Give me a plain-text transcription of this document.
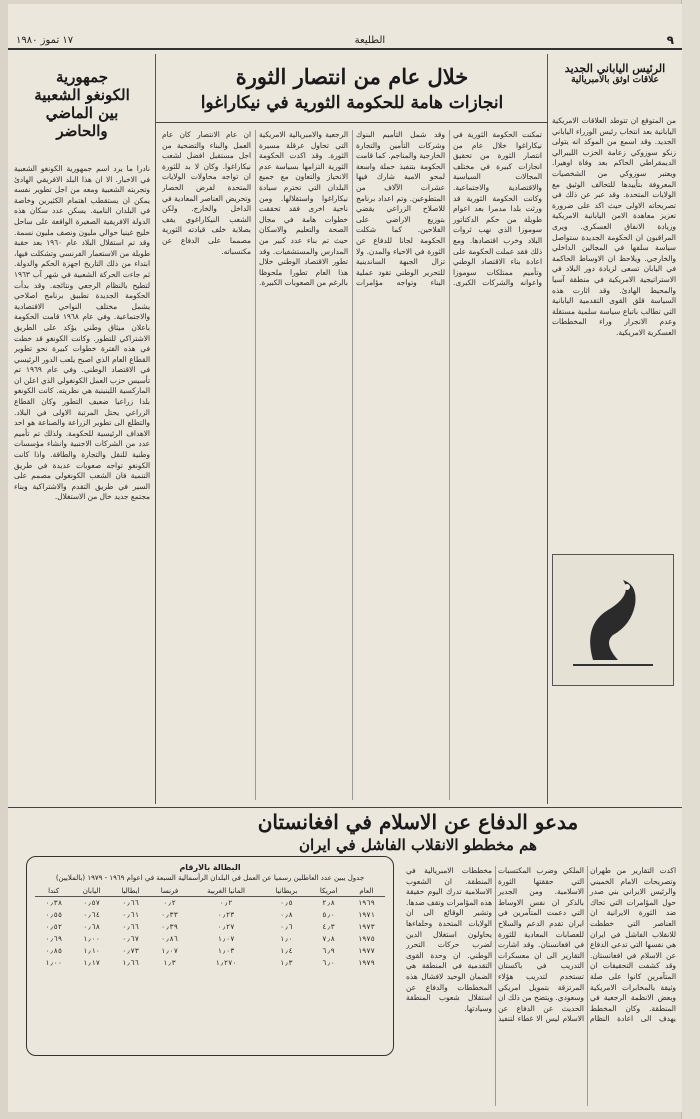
٩
الطليعة
١٧ تموز ١٩٨٠
الرئيس الياباني الجديد
علاقات اوثق بالامبريالية
من المتوقع ان تتوطد العلاقات الامريكية اليابانية بعد انتخاب رئيس الوزراء الياباني الجديد. وقد اسمع من الموكد انه يتولى زنكو سوزوكي زعامة الحزب الليبرالي الديمقراطي الحاكم بعد وفاة اوهيرا. ويعتبر سوزوكي من الشخصيات المعروفة بتأييدها للتحالف الوثيق مع الولايات المتحدة. وقد عبر عن ذلك في تصريحاته الاولى حيث اكد على ضرورة تعزيز معاهدة الامن اليابانية الامريكية وزيادة الانفاق العسكري. ويرى المراقبون ان الحكومة الجديدة ستواصل سياسة سلفها في المجالين الداخلي والخارجي. ويلاحظ ان الاوساط الحاكمة في اليابان تسعى لزيادة دور البلاد في الاستراتيجية الامريكية في منطقة آسيا والمحيط الهادئ. وقد اثارت هذه السياسة قلق القوى التقدمية اليابانية التي تطالب باتباع سياسة سلمية مستقلة وعدم الانجرار وراء المخططات العسكرية الامريكية.
خلال عام من انتصار الثورة
انجازات هامة للحكومة الثورية في نيكاراغوا
تمكنت الحكومة الثورية في نيكاراغوا خلال عام من انتصار الثورة من تحقيق انجازات كبيرة في مختلف المجالات السياسية والاقتصادية والاجتماعية. وكانت الحكومة الثورية قد ورثت بلدا مدمرا بعد اعوام طويلة من حكم الدكتاتور سوموزا الذي نهب ثروات البلاد وخرب اقتصادها. ومع ذلك فقد عملت الحكومة على اعادة بناء الاقتصاد الوطني وتأميم ممتلكات سوموزا واعوانه والشركات الكبرى. وقد شمل التأميم البنوك وشركات التأمين والتجارة الخارجية والمناجم. كما قامت الحكومة بتنفيذ حملة واسعة لمحو الامية شارك فيها عشرات الآلاف من المتطوعين. وتم اعداد برنامج للاصلاح الزراعي يقضي بتوزيع الاراضي على الفلاحين. كما شكلت الحكومة لجانا للدفاع عن الثورة في الاحياء والمدن. ولا تزال الجبهة الساندينية للتحرير الوطني تقود عملية البناء وتواجه مؤامرات الرجعية والامبريالية الامريكية التي تحاول عرقلة مسيرة الثورة. وقد اكدت الحكومة الثورية التزامها بسياسة عدم الانحياز والتعاون مع جميع البلدان التي تحترم سيادة نيكاراغوا واستقلالها. ومن ناحية اخرى فقد تحققت خطوات هامة في مجال الصحة والتعليم والاسكان حيث تم بناء عدد كبير من المدارس والمستشفيات. وقد تطور الاقتصاد الوطني خلال هذا العام تطورا ملحوظا بالرغم من الصعوبات الكبيرة. ان عام الانتصار كان عام العمل والبناء والتضحية من اجل مستقبل افضل لشعب نيكاراغوا. وكان لا بد للثورة ان تواجه محاولات الولايات المتحدة لفرض الحصار وتحريض العناصر المعادية في الداخل والخارج. ولكن الشعب النيكاراغوي يقف بصلابة خلف قيادته الثورية مصمما على الدفاع عن مكتسباته.
جمهورية
الكونغو الشعبية
بين الماضي
والحاضر
نادرا ما يرد اسم جمهورية الكونغو الشعبية في الاخبار. الا ان هذا البلد الافريقي الهادئ وتجربته الشعبية ومعه من اجل تطوير نفسه يمكن ان يستقطب اهتمام الكثيرين وخاصة في البلدان النامية. يسكن عدد سكان هذه الدولة الافريقية الصغيرة الواقعة على ساحل خليج غينيا حوالي مليون ونصف مليون نسمة. وقد تم استقلال البلاد عام ١٩٦٠ بعد حقبة طويلة من الاستعمار الفرنسي وتشكلت فيها، ابتداء من ذلك التاريخ اجهزة الحكم والدولة. ثم جاءت الحركة الشعبية في شهر آب ١٩٦٣ لتطيح بالنظام الرجعي ونتائجه. وقد بدأت الحكومة الجديدة تطبيق برنامج اصلاحي يشمل مختلف النواحي الاقتصادية والاجتماعية. وفي عام ١٩٦٨ قامت الحكومة باعلان ميثاق وطني يؤكد على الطريق الاشتراكي للتطور. وكانت الكونغو قد خطت في هذه الفترة خطوات كبيرة نحو تطوير القطاع العام الذي اصبح يلعب الدور الرئيسي في الاقتصاد الوطني. وفي عام ١٩٦٩ تم تأسيس حزب العمل الكونغولي الذي اعلن ان الماركسية اللينينية هي نظريته. كانت الكونغو بلدا زراعيا ضعيف التطور وكان القطاع الزراعي يحتل المرتبة الاولى في البلاد. والتطلع الى تطوير الزراعة والصناعة هو احد الاهداف الرئيسية للحكومة. ولذلك تم تأميم عدد من الشركات الاجنبية وانشاء مؤسسات وطنية للنقل والتجارة والطاقة. واذا كانت الكونغو تواجه صعوبات عديدة في طريق التنمية فان الشعب الكونغولي مصمم على السير في طريق التقدم والاشتراكية وبناء مجتمع جديد خال من الاستغلال.
مدعو الدفاع عن الاسلام في افغانستان
هم مخططو الانقلاب الفاشل في ايران
اكدت التقارير من طهران وتصريحات الامام الخميني والرئيس الايراني بني صدر حول المؤامرات التي تحاك ضد الثورة الايرانية ان العناصر التي خططت للانقلاب الفاشل في ايران هي نفسها التي تدعي الدفاع عن الاسلام في افغانستان. وقد كشفت التحقيقات ان المتآمرين كانوا على صلة وثيقة بالمخابرات الامريكية وبعض الانظمة الرجعية في المنطقة. وكان المخطط يهدف الى اعادة النظام الملكي وضرب المكتسبات التي حققتها الثورة الاسلامية. ومن الجدير بالذكر ان نفس الاوساط التي دعمت المتآمرين في ايران تقدم الدعم والسلاح للعصابات المعادية للثورة في افغانستان. وقد اشارت التقارير الى ان معسكرات التدريب في باكستان تستخدم لتدريب هؤلاء المرتزقة بتمويل امريكي وسعودي. ويتضح من ذلك ان الحديث عن الدفاع عن الاسلام ليس الا غطاء لتنفيذ مخططات الامبريالية في المنطقة. ان الشعوب الاسلامية تدرك اليوم حقيقة هذه المؤامرات وتقف ضدها. وتشير الوقائع الى ان الولايات المتحدة وحلفاءها يحاولون استغلال الدين لضرب حركات التحرر الوطني. ان وحدة القوى التقدمية في المنطقة هي الضمان الوحيد لافشال هذه المخططات والدفاع عن استقلال شعوب المنطقة وسيادتها.
البطالة بالارقام
جدول يبين عدد العاطلين رسميا عن العمل في البلدان الرأسمالية السبعة في اعوام ١٩٦٩ - ١٩٧٩ (بالملايين)
العام	امريكا	بريطانيا	المانيا الغربية	فرنسا	ايطاليا	اليابان	كندا
١٩٦٩	٢٫٨	٠٫٥	٠٫٢	٠٫٢	٠٫٦٦	٠٫٥٧	٠٫٣٨
١٩٧١	٥٫٠	٠٫٨	٠٫٢٣	٠٫٣٣	٠٫٦١	٠٫٦٤	٠٫٥٥
١٩٧٣	٤٫٣	٠٫٦	٠٫٢٧	٠٫٣٩	٠٫٦٦	٠٫٦٨	٠٫٥٢
١٩٧٥	٧٫٨	١٫٠	١٫٠٧	٠٫٨٦	٠٫٦٧	١٫٠٠	٠٫٦٩
١٩٧٧	٦٫٩	١٫٤	١٫٠٣	١٫٠٧	٠٫٧٣	١٫١٠	٠٫٨٥
١٩٧٩	٦٫٠	١٫٣	١٫٢٧٠	١٫٣	١٫٦٦	١٫١٧	١٫٠٠
